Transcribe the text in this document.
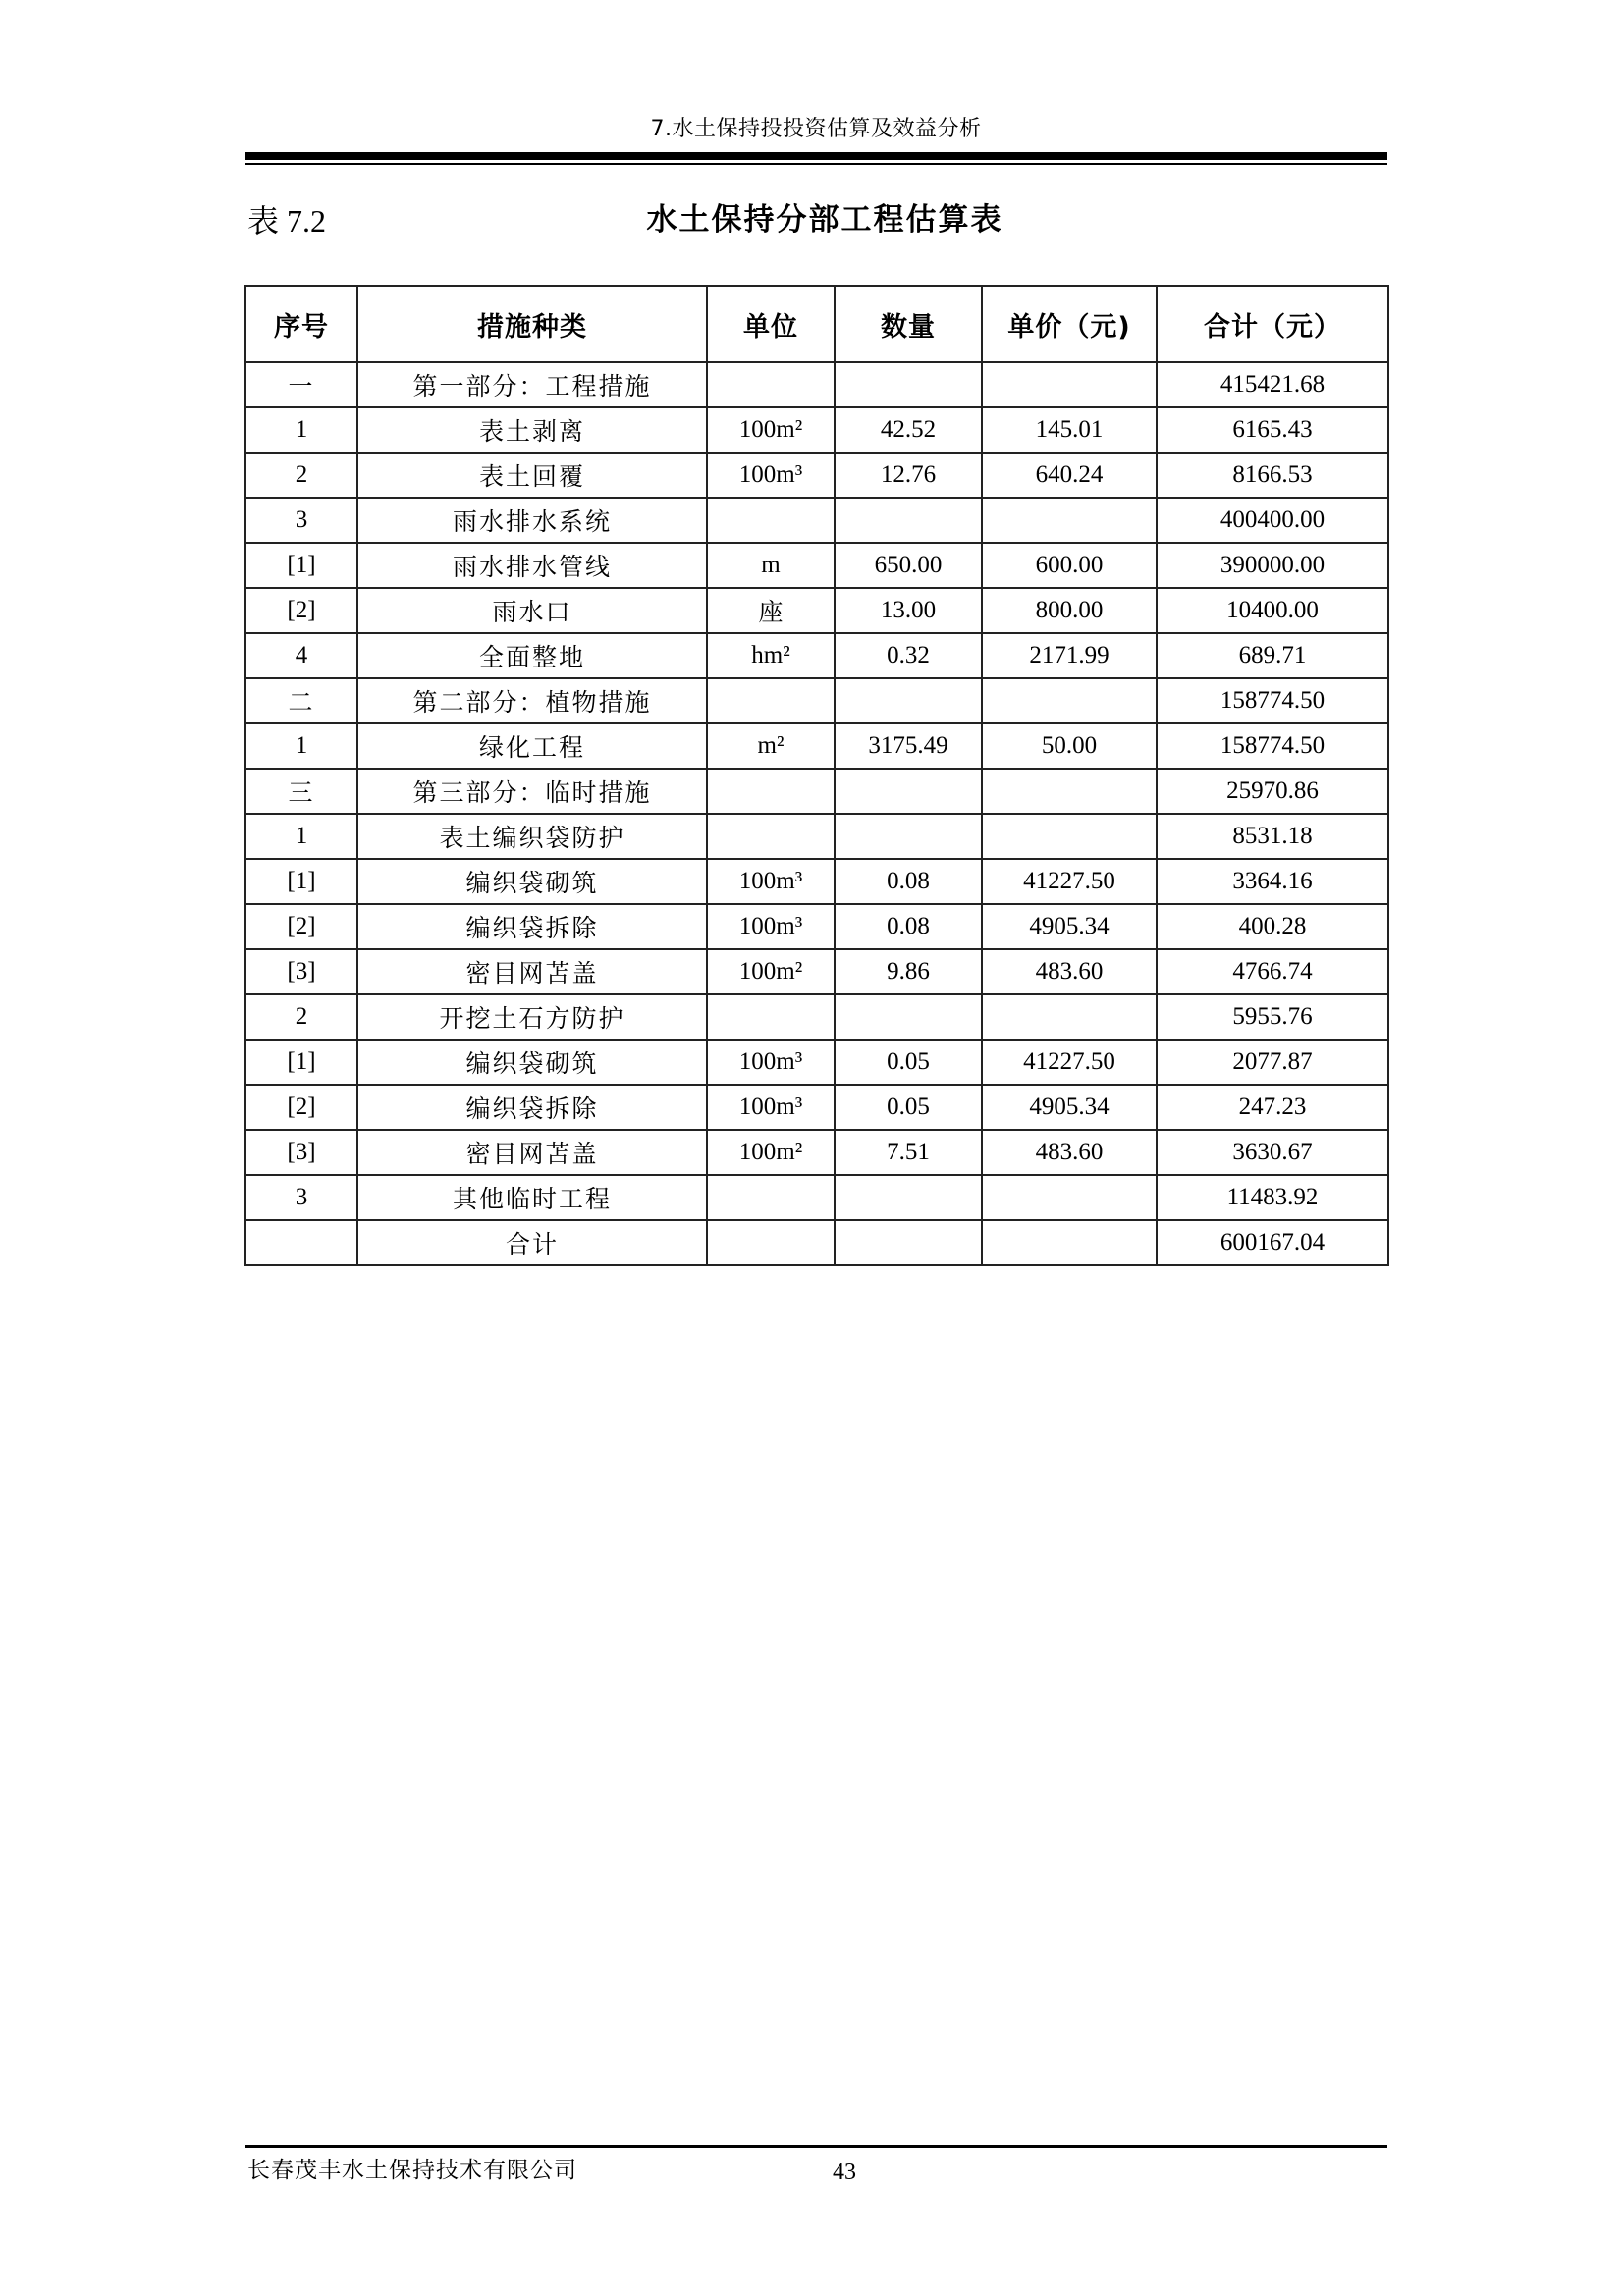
7.水土保持投投资估算及效益分析
表 7.2	水土保持分部工程估算表
序号	措施种类	单位	数量	单价（元)	合计（元）
一	第一部分：工程措施				415421.68
1	表土剥离	100m²	42.52	145.01	6165.43
2	表土回覆	100m³	12.76	640.24	8166.53
3	雨水排水系统				400400.00
[1]	雨水排水管线	m	650.00	600.00	390000.00
[2]	雨水口	座	13.00	800.00	10400.00
4	全面整地	hm²	0.32	2171.99	689.71
二	第二部分：植物措施				158774.50
1	绿化工程	m²	3175.49	50.00	158774.50
三	第三部分：临时措施				25970.86
1	表土编织袋防护				8531.18
[1]	编织袋砌筑	100m³	0.08	41227.50	3364.16
[2]	编织袋拆除	100m³	0.08	4905.34	400.28
[3]	密目网苫盖	100m²	9.86	483.60	4766.74
2	开挖土石方防护				5955.76
[1]	编织袋砌筑	100m³	0.05	41227.50	2077.87
[2]	编织袋拆除	100m³	0.05	4905.34	247.23
[3]	密目网苫盖	100m²	7.51	483.60	3630.67
3	其他临时工程				11483.92
	合计				600167.04
长春茂丰水土保持技术有限公司	43
